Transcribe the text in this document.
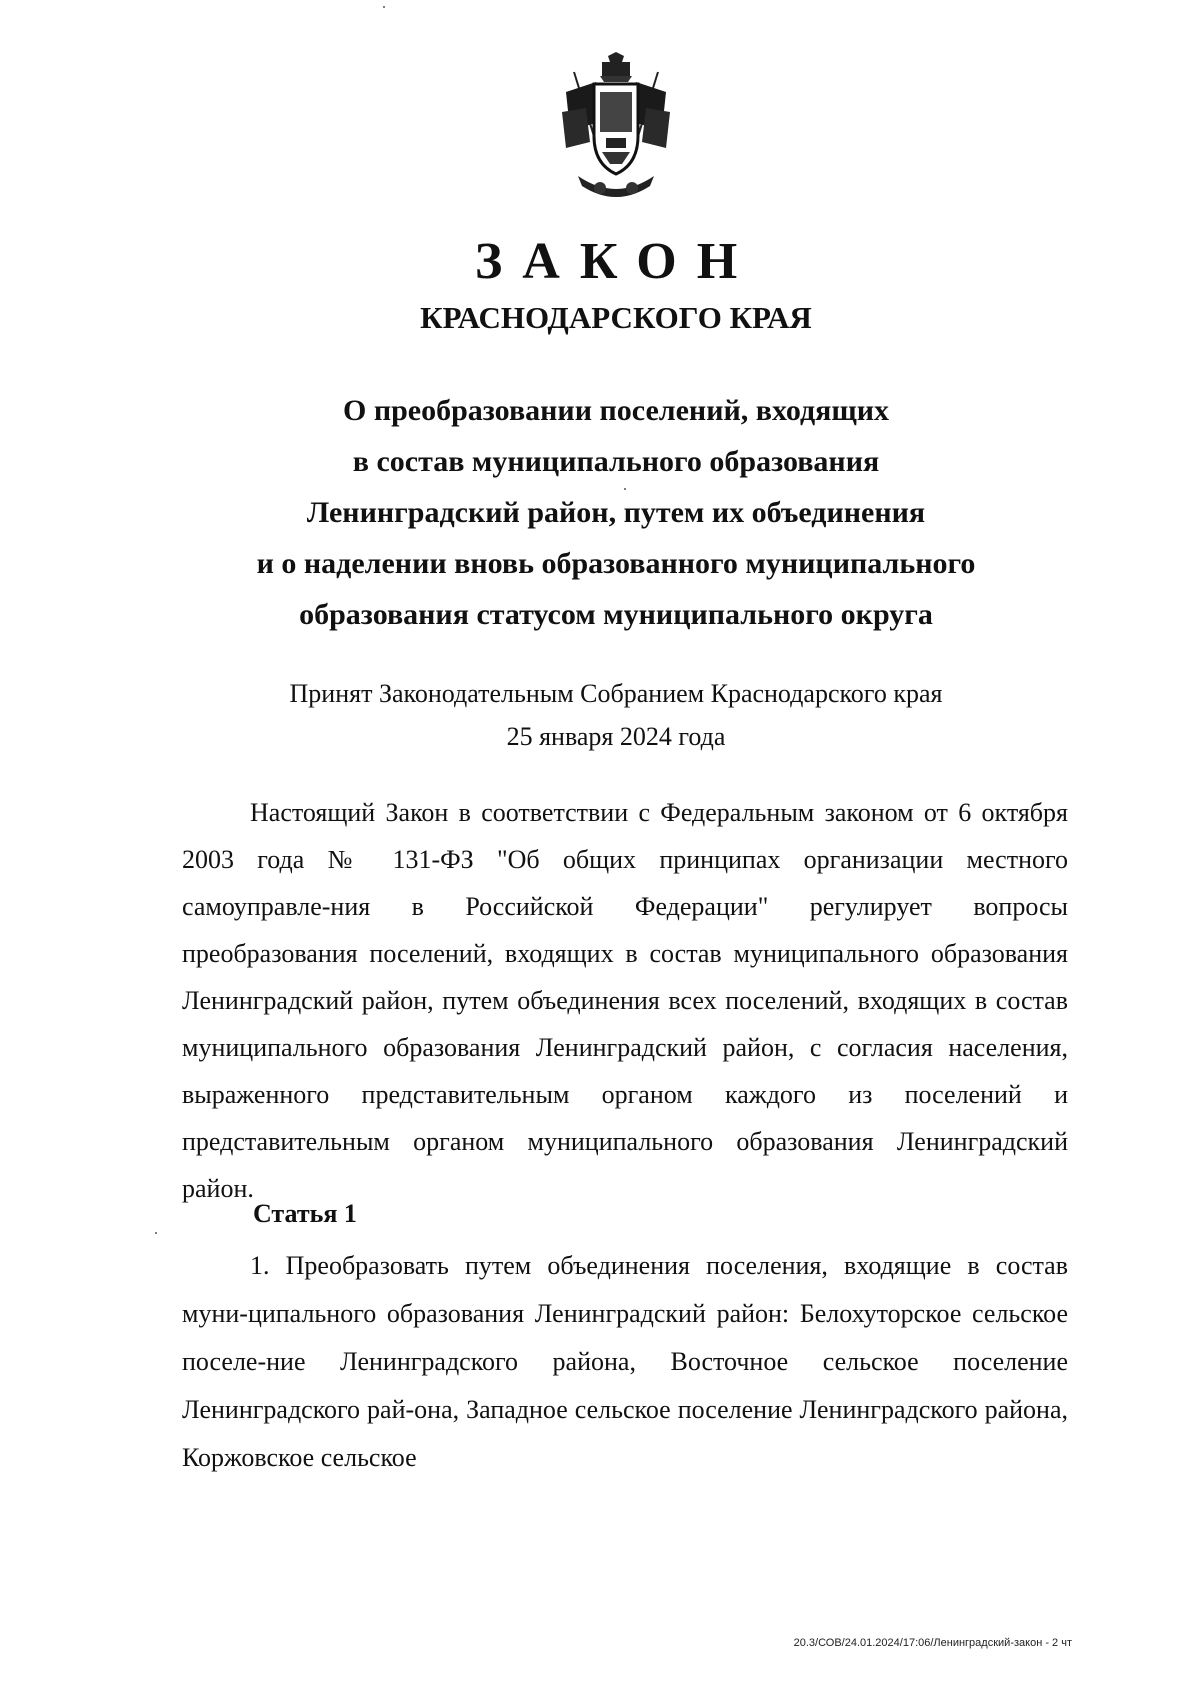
ЗАКОН
КРАСНОДАРСКОГО КРАЯ
О преобразовании поселений, входящих
в состав муниципального образования
Ленинградский район, путем их объединения
и о наделении вновь образованного муниципального
образования статусом муниципального округа
Принят Законодательным Собранием Краснодарского края
25 января 2024 года
Настоящий Закон в соответствии с Федеральным законом от 6 октября 2003 года № 131-ФЗ "Об общих принципах организации местного самоуправле-ния в Российской Федерации" регулирует вопросы преобразования поселений, входящих в состав муниципального образования Ленинградский район, путем объединения всех поселений, входящих в состав муниципального образования Ленинградский район, с согласия населения, выраженного представительным органом каждого из поселений и представительным органом муниципального образования Ленинградский район.
Статья 1
1. Преобразовать путем объединения поселения, входящие в состав муни-ципального образования Ленинградский район: Белохуторское сельское поселе-ние Ленинградского района, Восточное сельское поселение Ленинградского рай-она, Западное сельское поселение Ленинградского района, Коржовское сельское
20.3/СОВ/24.01.2024/17:06/Ленинградский-закон - 2 чт
